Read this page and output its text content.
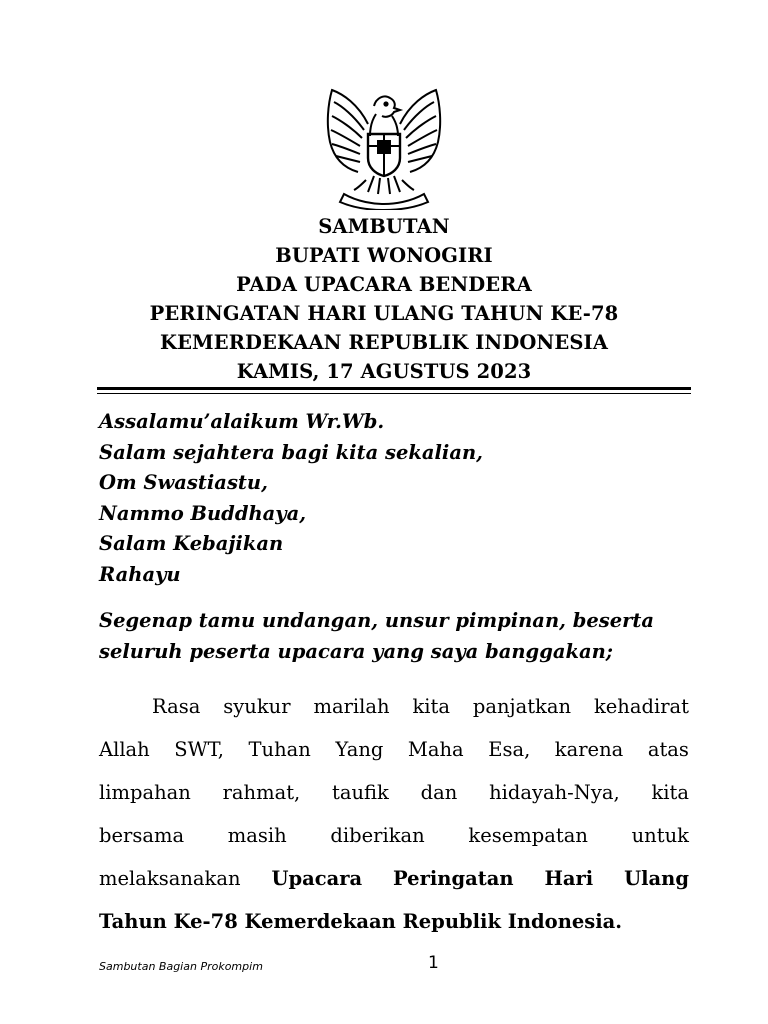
SAMBUTAN
BUPATI WONOGIRI
PADA UPACARA BENDERA
PERINGATAN HARI ULANG TAHUN KE-78
KEMERDEKAAN REPUBLIK INDONESIA
KAMIS, 17 AGUSTUS 2023
Assalamu’alaikum Wr.Wb.
Salam sejahtera bagi kita sekalian,
Om Swastiastu,
Nammo Buddhaya,
Salam Kebajikan
Rahayu
Segenap tamu undangan, unsur pimpinan, beserta
seluruh peserta upacara yang saya banggakan;
Rasa syukur marilah kita panjatkan kehadirat
Allah SWT, Tuhan Yang Maha Esa, karena atas
limpahan rahmat, taufik dan hidayah-Nya, kita
bersama masih diberikan kesempatan untuk
melaksanakan Upacara Peringatan Hari Ulang
Tahun Ke-78 Kemerdekaan Republik Indonesia.
Sambutan Bagian Prokompim	1
